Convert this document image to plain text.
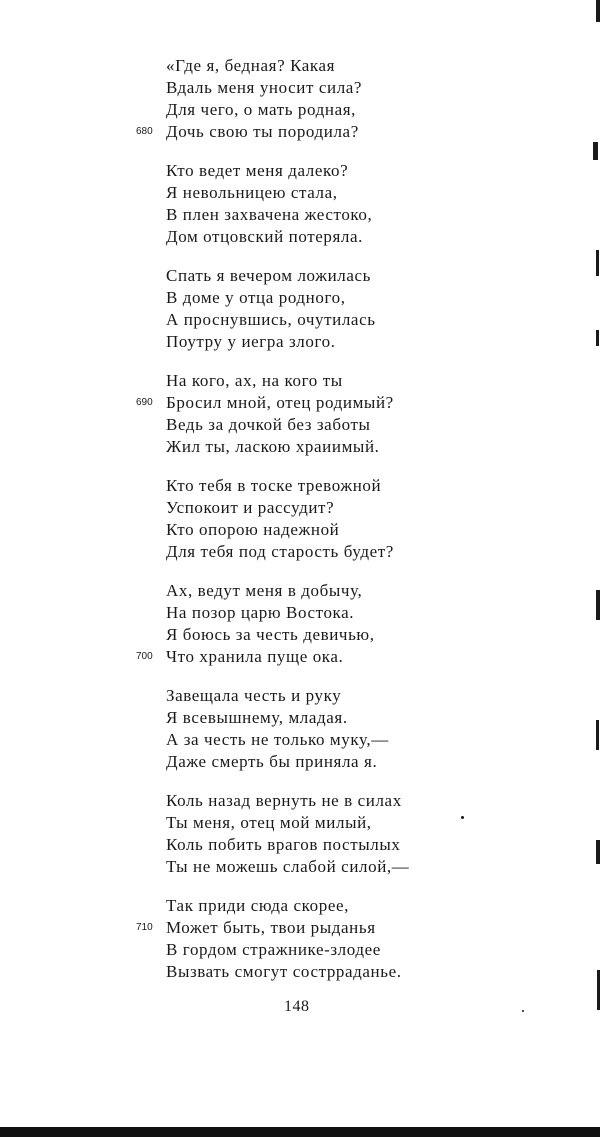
«Где я, бедная? Какая
Вдаль меня уносит сила?
Для чего, о мать родная,
Дочь свою ты породила?
680
Кто ведет меня далеко?
Я невольницею стала,
В плен захвачена жестоко,
Дом отцовский потеряла.
Спать я вечером ложилась
В доме у отца родного,
А проснувшись, очутилась
Поутру у иегра злого.
На кого, ах, на кого ты
Бросил мной, отец родимый?
690
Ведь за дочкой без заботы
Жил ты, ласкою храиимый.
Кто тебя в тоске тревожной
Успокоит и рассудит?
Кто опорою надежной
Для тебя под старость будет?
Ах, ведут меня в добычу,
На позор царю Востока.
Я боюсь за честь девичью,
Что хранила пуще ока.
700
Завещала честь и руку
Я всевышнему, младая.
А за честь не только муку,—
Даже смерть бы приняла я.
Коль назад вернуть не в силах
Ты меня, отец мой милый,
Коль побить врагов постылых
Ты не можешь слабой силой,—
Так приди сюда скорее,
Может быть, твои рыданья
710
В гордом стражнике-злодее
Вызвать смогут сострраданье.
148
